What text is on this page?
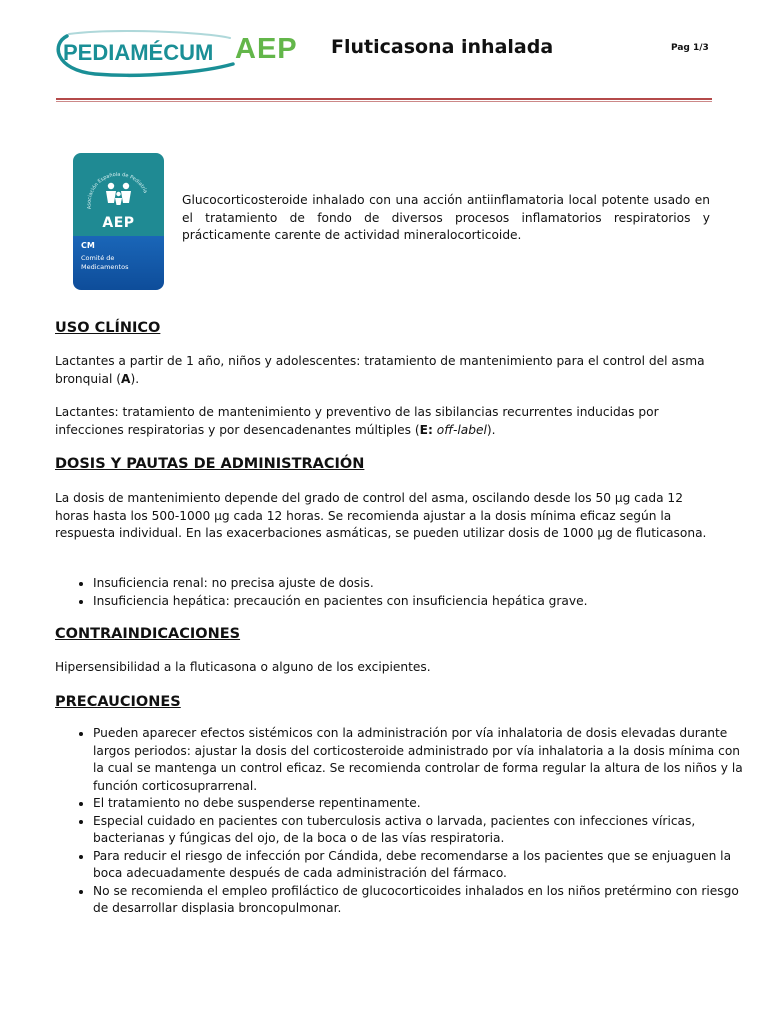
PEDIAMÉCUM AEP Fluticasona inhalada	Pag 1/3
Asociación Española de Pediatría
AEP
CM
Comité de Medicamentos
Glucocorticosteroide inhalado con una acción antiinflamatoria local potente usado en el tratamiento de fondo de diversos procesos inflamatorios respiratorios y prácticamente carente de actividad mineralocorticoide.
USO CLÍNICO

Lactantes a partir de 1 año, niños y adolescentes: tratamiento de mantenimiento para el control del asma bronquial (A).

Lactantes: tratamiento de mantenimiento y preventivo de las sibilancias recurrentes inducidas por infecciones respiratorias y por desencadenantes múltiples (E: off-label).

DOSIS Y PAUTAS DE ADMINISTRACIÓN

La dosis de mantenimiento depende del grado de control del asma, oscilando desde los 50 µg cada 12 horas hasta los 500-1000 µg cada 12 horas. Se recomienda ajustar a la dosis mínima eficaz según la respuesta individual. En las exacerbaciones asmáticas, se pueden utilizar dosis de 1000 µg de fluticasona.

• Insuficiencia renal: no precisa ajuste de dosis.
• Insuficiencia hepática: precaución en pacientes con insuficiencia hepática grave.
CONTRAINDICACIONES

Hipersensibilidad a la fluticasona o alguno de los excipientes.

PRECAUCIONES
• Pueden aparecer efectos sistémicos con la administración por vía inhalatoria de dosis elevadas durante largos periodos: ajustar la dosis del corticosteroide administrado por vía inhalatoria a la dosis mínima con la cual se mantenga un control eficaz. Se recomienda controlar de forma regular la altura de los niños y la función corticosuprarrenal.
• El tratamiento no debe suspenderse repentinamente.
• Especial cuidado en pacientes con tuberculosis activa o larvada, pacientes con infecciones víricas, bacterianas y fúngicas del ojo, de la boca o de las vías respiratoria.
• Para reducir el riesgo de infección por Cándida, debe recomendarse a los pacientes que se enjuaguen la boca adecuadamente después de cada administración del fármaco.
• No se recomienda el empleo profiláctico de glucocorticoides inhalados en los niños pretérmino con riesgo de desarrollar displasia broncopulmonar.
